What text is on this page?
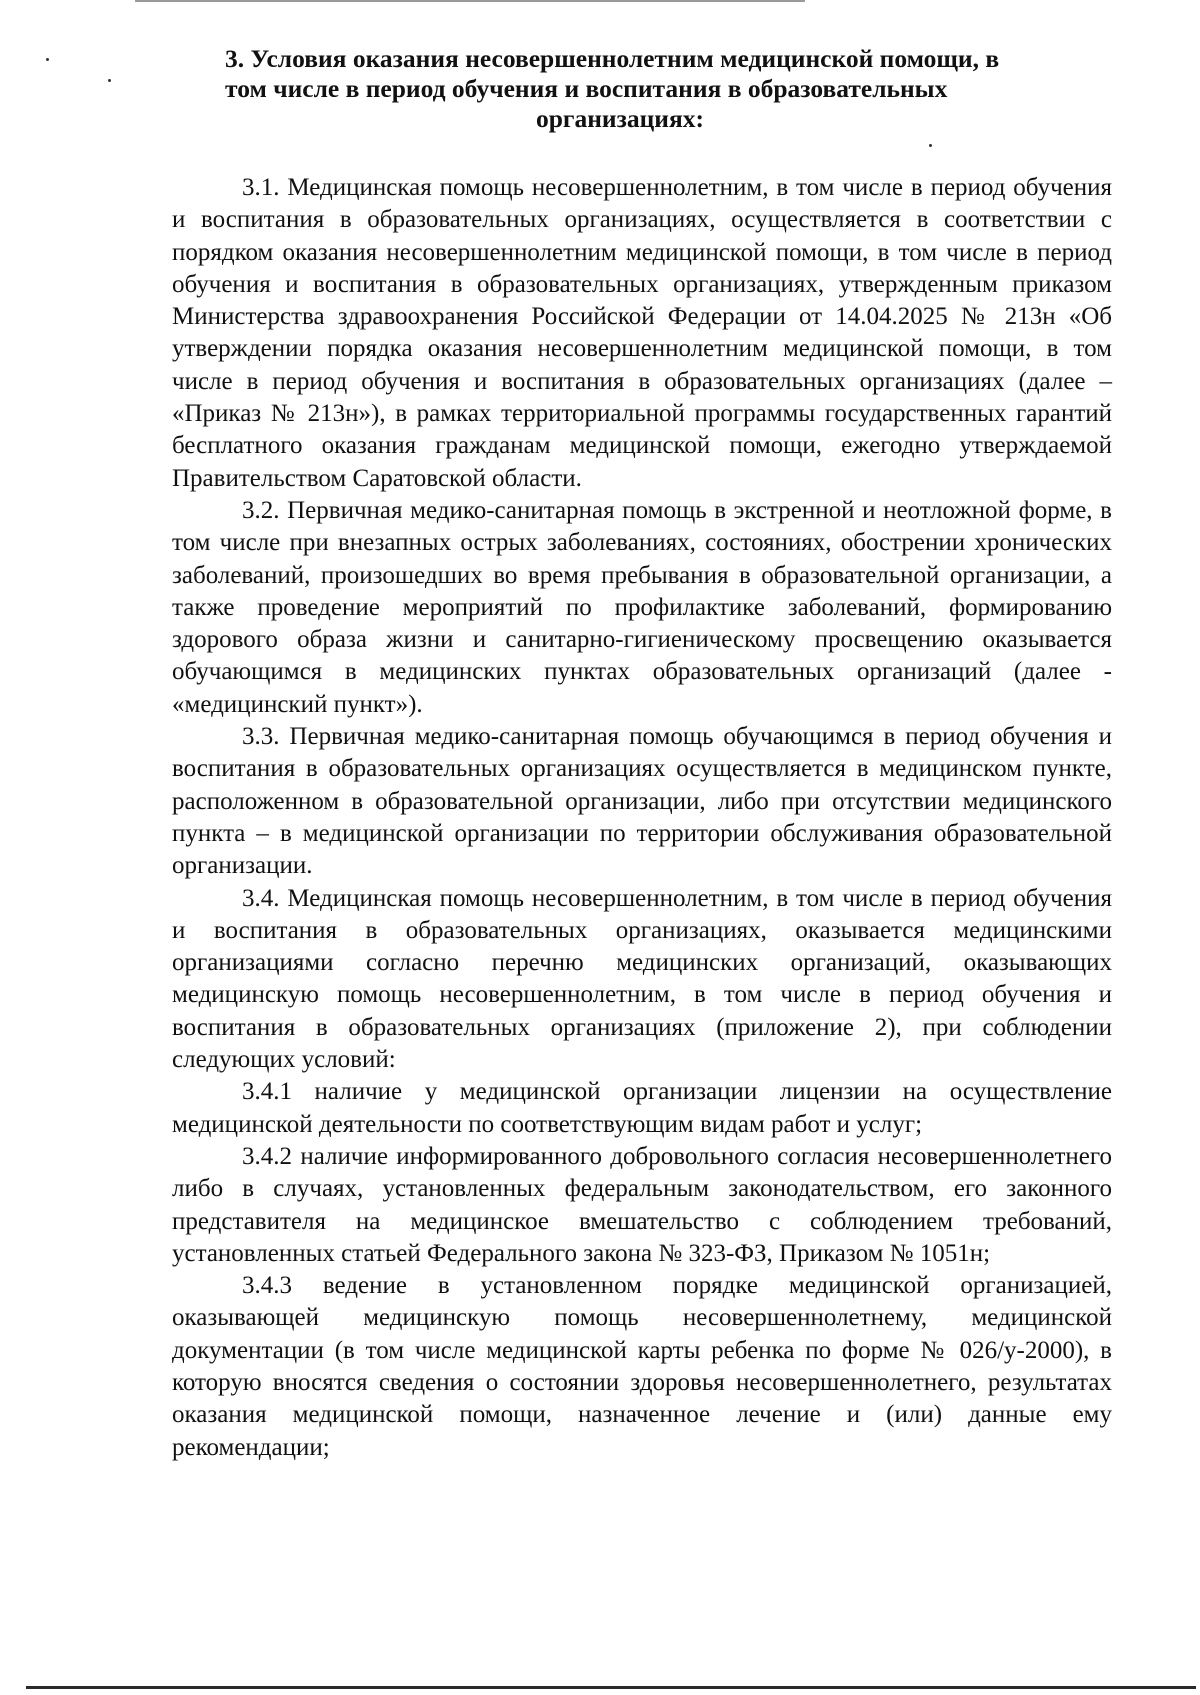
3. Условия оказания несовершеннолетним медицинской помощи, в
том числе в период обучения и воспитания в образовательных
организациях:

3.1. Медицинская помощь несовершеннолетним, в том числе в период обучения и воспитания в образовательных организациях, осуществляется в соответствии с порядком оказания несовершеннолетним медицинской помощи, в том числе в период обучения и воспитания в образовательных организациях, утвержденным приказом Министерства здравоохранения Российской Федерации от 14.04.2025 № 213н «Об утверждении порядка оказания несовершеннолетним медицинской помощи, в том числе в период обучения и воспитания в образовательных организациях (далее – «Приказ № 213н»), в рамках территориальной программы государственных гарантий бесплатного оказания гражданам медицинской помощи, ежегодно утверждаемой Правительством Саратовской области.

3.2. Первичная медико-санитарная помощь в экстренной и неотложной форме, в том числе при внезапных острых заболеваниях, состояниях, обострении хронических заболеваний, произошедших во время пребывания в образовательной организации, а также проведение мероприятий по профилактике заболеваний, формированию здорового образа жизни и санитарно-гигиеническому просвещению оказывается обучающимся в медицинских пунктах образовательных организаций (далее - «медицинский пункт»).

3.3. Первичная медико-санитарная помощь обучающимся в период обучения и воспитания в образовательных организациях осуществляется в медицинском пункте, расположенном в образовательной организации, либо при отсутствии медицинского пункта – в медицинской организации по территории обслуживания образовательной организации.

3.4. Медицинская помощь несовершеннолетним, в том числе в период обучения и воспитания в образовательных организациях, оказывается медицинскими организациями согласно перечню медицинских организаций, оказывающих медицинскую помощь несовершеннолетним, в том числе в период обучения и воспитания в образовательных организациях (приложение 2), при соблюдении следующих условий:

3.4.1 наличие у медицинской организации лицензии на осуществление медицинской деятельности по соответствующим видам работ и услуг;

3.4.2 наличие информированного добровольного согласия несовершеннолетнего либо в случаях, установленных федеральным законодательством, его законного представителя на медицинское вмешательство с соблюдением требований, установленных статьей Федерального закона № 323-ФЗ, Приказом № 1051н;

3.4.3 ведение в установленном порядке медицинской организацией, оказывающей медицинскую помощь несовершеннолетнему, медицинской документации (в том числе медицинской карты ребенка по форме № 026/у-2000), в которую вносятся сведения о состоянии здоровья несовершеннолетнего, результатах оказания медицинской помощи, назначенное лечение и (или) данные ему рекомендации;
